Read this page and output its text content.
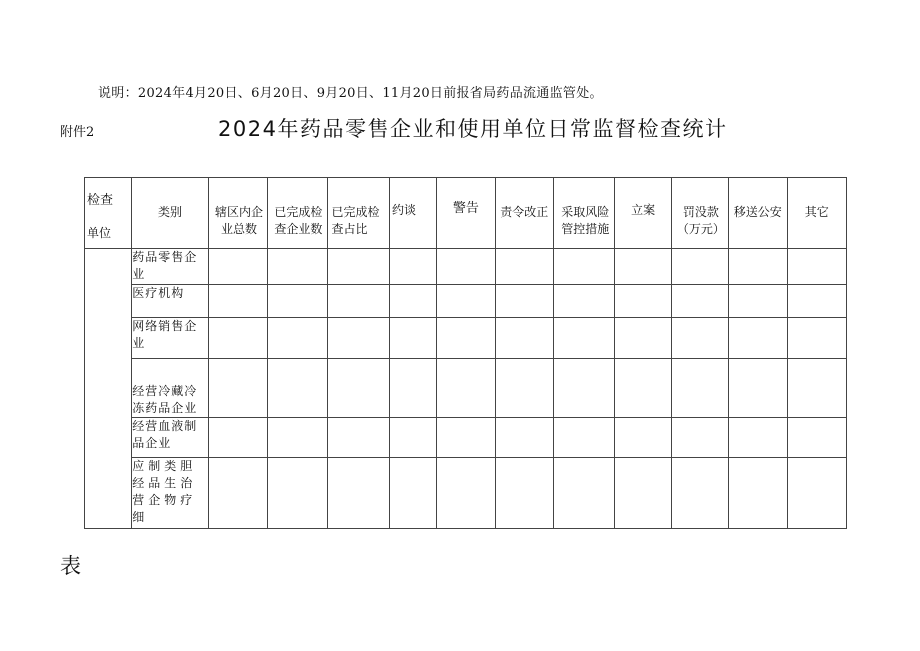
说明：2024年4月20日、6月20日、9月20日、11月20日前报省局药品流通监管处。
附件2	2024年药品零售企业和使用单位日常监督检查统计
检查
单位	类别	辖区内企业总数	已完成检查企业数	已完成检查占比	约谈	警告	责令改正	采取风险管控措施	立案	罚没款（万元）	移送公安	其它

	药品零售企业											
	医疗机构											
	网络销售企业											
	经营冷藏冷冻药品企业											
	经营血液制品企业											
	应制类胆经品生治营企物疗细											
表
